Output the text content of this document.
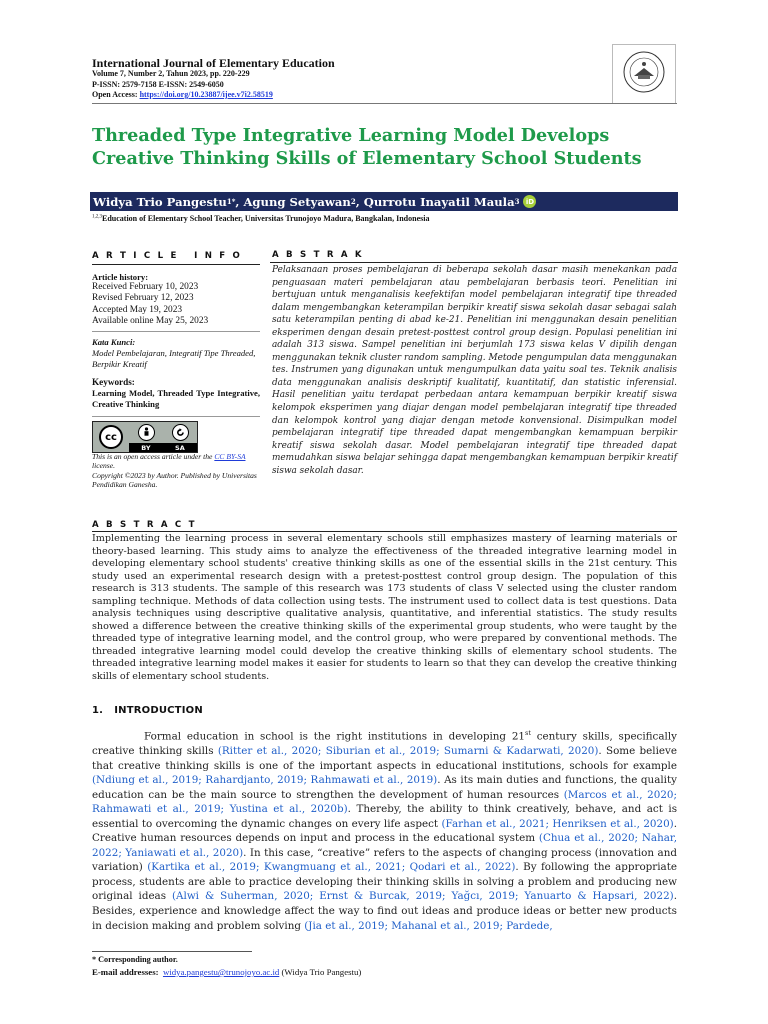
International Journal of Elementary Education
Volume 7, Number 2, Tahun 2023, pp. 220-229
P-ISSN: 2579-7158 E-ISSN: 2549-6050
Open Access: https://doi.org/10.23887/ijee.v7i2.58519
Threaded Type Integrative Learning Model Develops Creative Thinking Skills of Elementary School Students
Widya Trio Pangestu 1* , Agung Setyawan 2 , Qurrotu Inayatil Maula 3 iD
$^{1,2,3}$Education of Elementary School Teacher, Universitas Trunojoyo Madura, Bangkalan, Indonesia
A R T I C L E   I N F O
Article history:
Received February 10, 2023
Revised February 12, 2023
Accepted May 19, 2023
Available online May 25, 2023
Kata Kunci:
Model Pembelajaran, Integratif Tipe Threaded, Berpikir Kreatif
Keywords:
Learning Model, Threaded Type Integrative, Creative Thinking
cc
BY	SA
This is an open access article under the CC BY-SA license.
Copyright ©2023 by Author. Published by Universitas Pendidikan Ganesha.
A B S T R A K
Pelaksanaan proses pembelajaran di beberapa sekolah dasar masih menekankan pada penguasaan materi pembelajaran atau pembelajaran berbasis teori. Penelitian ini bertujuan untuk menganalisis keefektifan model pembelajaran integratif tipe threaded dalam mengembangkan keterampilan berpikir kreatif siswa sekolah dasar sebagai salah satu keterampilan penting di abad ke-21. Penelitian ini menggunakan desain penelitian eksperimen dengan desain pretest-posttest control group design. Populasi penelitian ini adalah 313 siswa. Sampel penelitian ini berjumlah 173 siswa kelas V dipilih dengan menggunakan teknik cluster random sampling. Metode pengumpulan data menggunakan tes. Instrumen yang digunakan untuk mengumpulkan data yaitu soal tes. Teknik analisis data menggunakan analisis deskriptif kualitatif, kuantitatif, dan statistic inferensial. Hasil penelitian yaitu terdapat perbedaan antara kemampuan berpikir kreatif siswa kelompok eksperimen yang diajar dengan model pembelajaran integratif tipe threaded dan kelompok kontrol yang diajar dengan metode konvensional. Disimpulkan model pembelajaran integratif tipe threaded dapat mengembangkan kemampuan berpikir kreatif siswa sekolah dasar. Model pembelajaran integratif tipe threaded dapat memudahkan siswa belajar sehingga dapat mengembangkan kemampuan berpikir kreatif siswa sekolah dasar.
A B S T R A C T
Implementing the learning process in several elementary schools still emphasizes mastery of learning materials or theory-based learning. This study aims to analyze the effectiveness of the threaded integrative learning model in developing elementary school students' creative thinking skills as one of the essential skills in the 21st century. This study used an experimental research design with a pretest-posttest control group design. The population of this research is 313 students. The sample of this research was 173 students of class V selected using the cluster random sampling technique. Methods of data collection using tests. The instrument used to collect data is test questions. Data analysis techniques using descriptive qualitative analysis, quantitative, and inferential statistics. The study results showed a difference between the creative thinking skills of the experimental group students, who were taught by the threaded type of integrative learning model, and the control group, who were prepared by conventional methods. The threaded integrative learning model could develop the creative thinking skills of elementary school students. The threaded integrative learning model makes it easier for students to learn so that they can develop the creative thinking skills of elementary school students.
1.   INTRODUCTION
Formal education in school is the right institutions in developing 21st century skills, specifically creative thinking skills (Ritter et al., 2020; Siburian et al., 2019; Sumarni & Kadarwati, 2020). Some believe that creative thinking skills is one of the important aspects in educational institutions, schools for example (Ndiung et al., 2019; Rahardjanto, 2019; Rahmawati et al., 2019). As its main duties and functions, the quality education can be the main source to strengthen the development of human resources (Marcos et al., 2020; Rahmawati et al., 2019; Yustina et al., 2020b). Thereby, the ability to think creatively, behave, and act is essential to overcoming the dynamic changes on every life aspect (Farhan et al., 2021; Henriksen et al., 2020). Creative human resources depends on input and process in the educational system (Chua et al., 2020; Nahar, 2022; Yaniawati et al., 2020). In this case, “creative” refers to the aspects of changing process (innovation and variation) (Kartika et al., 2019; Kwangmuang et al., 2021; Qodari et al., 2022). By following the appropriate process, students are able to practice developing their thinking skills in solving a problem and producing new original ideas (Alwi & Suherman, 2020; Ernst & Burcak, 2019; Yağcı, 2019; Yanuarto & Hapsari, 2022). Besides, experience and knowledge affect the way to find out ideas and produce ideas or better new products in decision making and problem solving (Jia et al., 2019; Mahanal et al., 2019; Pardede,
* Corresponding author.
E-mail addresses: widya.pangestu@trunojoyo.ac.id (Widya Trio Pangestu)
